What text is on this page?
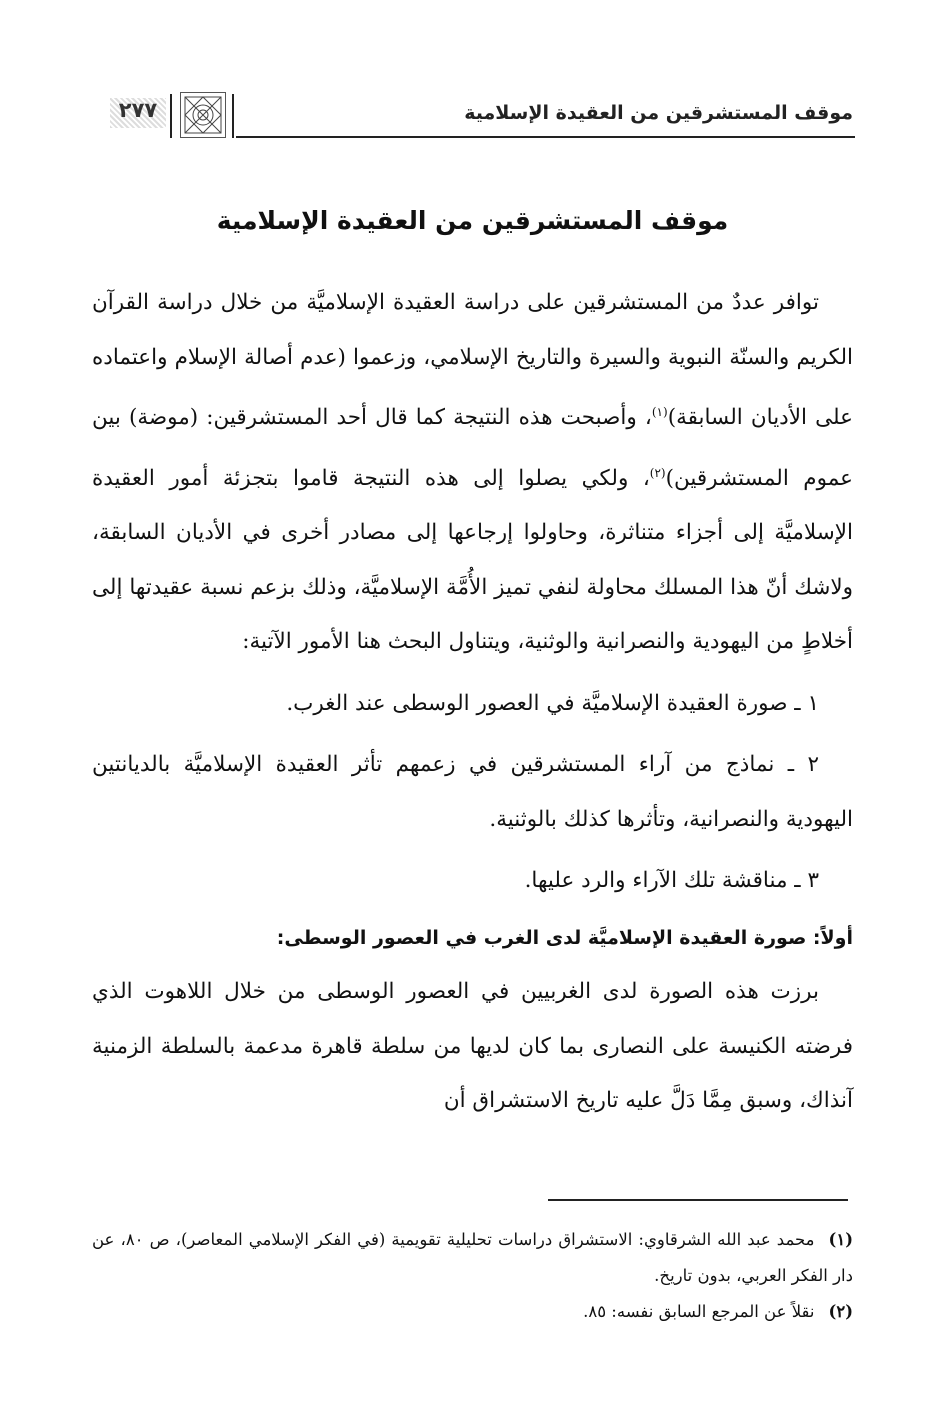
موقف المستشرقين من العقيدة الإسلامية
٢٧٧
موقف المستشرقين من العقيدة الإسلامية

توافر عددٌ من المستشرقين على دراسة العقيدة الإسلاميَّة من خلال دراسة القرآن الكريم والسنّة النبوية والسيرة والتاريخ الإسلامي، وزعموا (عدم أصالة الإسلام واعتماده على الأديان السابقة)$^{(١)}$، وأصبحت هذه النتيجة كما قال أحد المستشرقين: (موضة) بين عموم المستشرقين)$^{(٢)}$، ولكي يصلوا إلى هذه النتيجة قاموا بتجزئة أمور العقيدة الإسلاميَّة إلى أجزاء متناثرة، وحاولوا إرجاعها إلى مصادر أخرى في الأديان السابقة، ولاشك أنّ هذا المسلك محاولة لنفي تميز الأُمَّة الإسلاميَّة، وذلك بزعم نسبة عقيدتها إلى أخلاطٍ من اليهودية والنصرانية والوثنية، ويتناول البحث هنا الأمور الآتية:

١ ـ صورة العقيدة الإسلاميَّة في العصور الوسطى عند الغرب.

٢ ـ نماذج من آراء المستشرقين في زعمهم تأثر العقيدة الإسلاميَّة بالديانتين اليهودية والنصرانية، وتأثرها كذلك بالوثنية.

٣ ـ مناقشة تلك الآراء والرد عليها.

أولاً: صورة العقيدة الإسلاميَّة لدى الغرب في العصور الوسطى:

برزت هذه الصورة لدى الغربيين في العصور الوسطى من خلال اللاهوت الذي فرضته الكنيسة على النصارى بما كان لديها من سلطة قاهرة مدعمة بالسلطة الزمنية آنذاك، وسبق مِمَّا دَلَّ عليه تاريخ الاستشراق أن

(١)محمد عبد الله الشرقاوي: الاستشراق دراسات تحليلية تقويمية (في الفكر الإسلامي المعاصر)، ص ٨٠، عن دار الفكر العربي، بدون تاريخ.

(٢)نقلاً عن المرجع السابق نفسه: ٨٥.
